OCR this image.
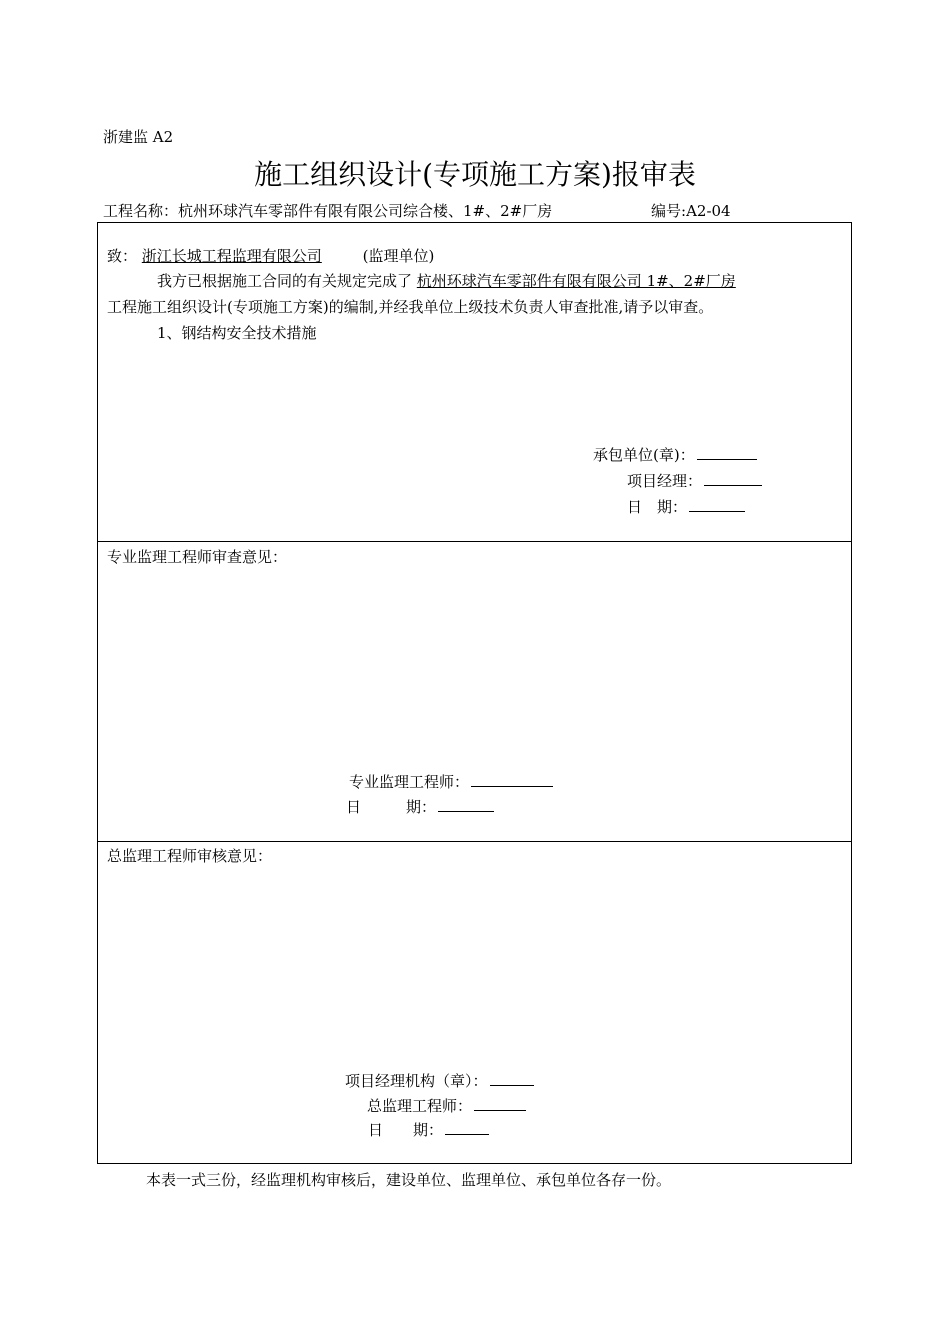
浙建监 A2
施工组织设计(专项施工方案)报审表
工程名称：杭州环球汽车零部件有限有限公司综合楼、1#、2#厂房	编号:A2-04
致： 浙江长城工程监理有限公司	(监理单位)
我方已根据施工合同的有关规定完成了 杭州环球汽车零部件有限有限公司 1#、2#厂房
工程施工组织设计(专项施工方案)的编制,并经我单位上级技术负责人审查批准,请予以审查。
1、钢结构安全技术措施
承包单位(章)：
项目经理：
日　期：
专业监理工程师审查意见：
专业监理工程师：
日　　　期：
总监理工程师审核意见：
项目经理机构（章）：
总监理工程师：
日　　期：
本表一式三份，经监理机构审核后，建设单位、监理单位、承包单位各存一份。
